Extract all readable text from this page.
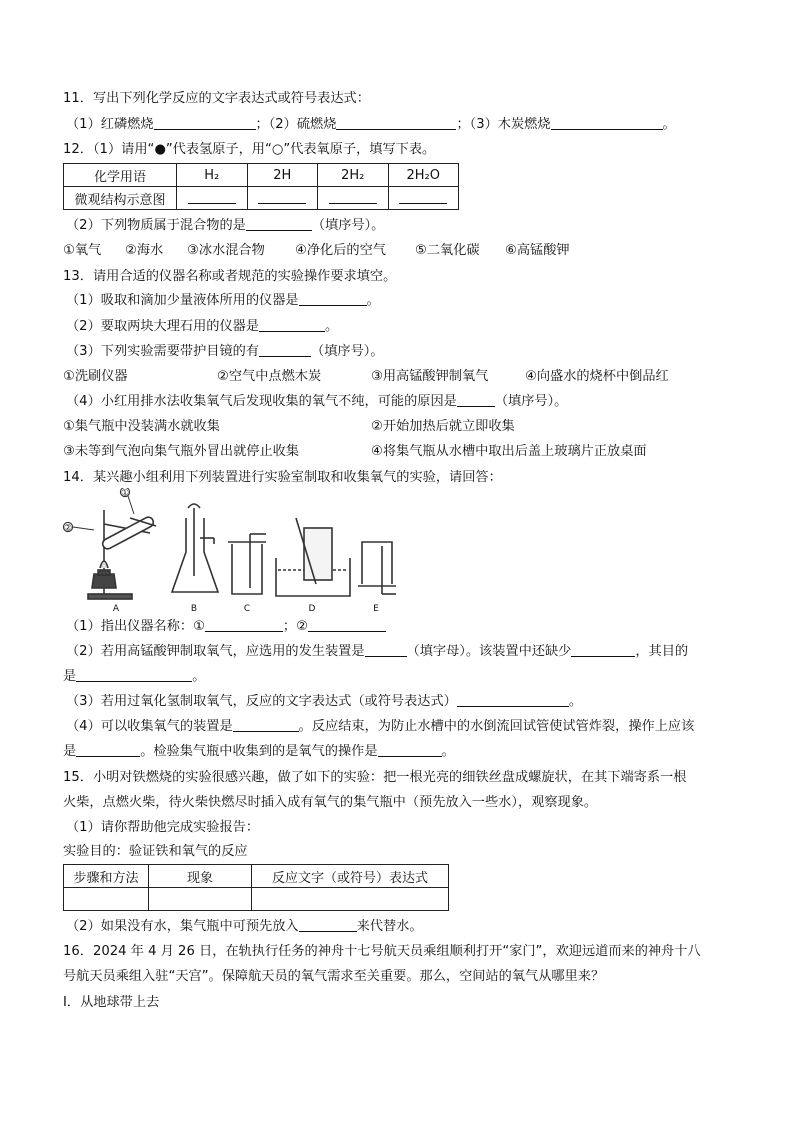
11．写出下列化学反应的文字表达式或符号表达式：
（1）红磷燃烧	；（2）硫燃烧	；（3）木炭燃烧	。
12．（1）请用“●”代表氢原子，用“○”代表氧原子，填写下表。
化学用语	H₂	2H	2H₂	2H₂O
微观结构示意图				
（2）下列物质属于混合物的是	（填序号）。
①氧气 ②海水 ③冰水混合物 ④净化后的空气 ⑤二氧化碳 ⑥高锰酸钾
13．请用合适的仪器名称或者规范的实验操作要求填空。
（1）吸取和滴加少量液体所用的仪器是	。
（2）要取两块大理石用的仪器是	。
（3）下列实验需要带护目镜的有	（填序号）。
①洗刷仪器	②空气中点燃木炭	③用高锰酸钾制氧气	④向盛水的烧杯中倒品红
（4）小红用排水法收集氧气后发现收集的氧气不纯，可能的原因是	（填序号）。
①集气瓶中没装满水就收集	②开始加热后就立即收集
③未等到气泡向集气瓶外冒出就停止收集	④将集气瓶从水槽中取出后盖上玻璃片正放桌面
14．某兴趣小组利用下列装置进行实验室制取和收集氧气的实验，请回答：
①
②
A	B	C	D	E
（1）指出仪器名称：①	；②
（2）若用高锰酸钾制取氧气，应选用的发生装置是	（填字母）。该装置中还缺少	，其目的
是	。
（3）若用过氧化氢制取氧气，反应的文字表达式（或符号表达式）	。
（4）可以收集氧气的装置是	。反应结束，为防止水槽中的水倒流回试管使试管炸裂，操作上应该
是	。检验集气瓶中收集到的是氧气的操作是	。
15．小明对铁燃烧的实验很感兴趣，做了如下的实验：把一根光亮的细铁丝盘成螺旋状，在其下端寄系一根
火柴，点燃火柴，待火柴快燃尽时插入成有氧气的集气瓶中（预先放入一些水），观察现象。
（1）请你帮助他完成实验报告：
实验目的：验证铁和氧气的反应
步骤和方法	现象	反应文字（或符号）表达式

（2）如果没有水，集气瓶中可预先放入	来代替水。
16．2024 年 4 月 26 日，在轨执行任务的神舟十七号航天员乘组顺利打开“家门”，欢迎远道而来的神舟十八
号航天员乘组入驻“天宫”。保障航天员的氧气需求至关重要。那么，空间站的氧气从哪里来？
Ⅰ．从地球带上去
